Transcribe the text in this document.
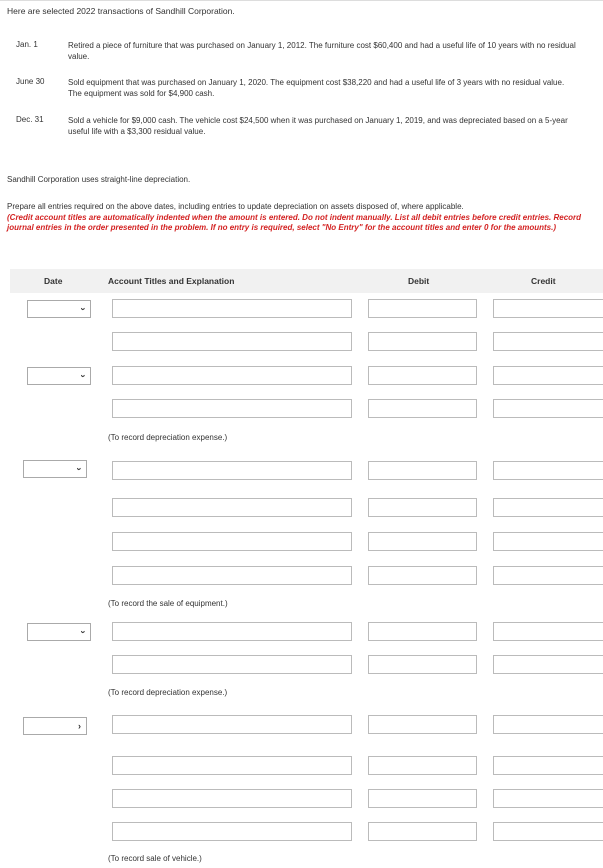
Here are selected 2022 transactions of Sandhill Corporation.
Jan. 1	Retired a piece of furniture that was purchased on January 1, 2012. The furniture cost $60,400 and had a useful life of 10 years with no residual value.
June 30	Sold equipment that was purchased on January 1, 2020. The equipment cost $38,220 and had a useful life of 3 years with no residual value. The equipment was sold for $4,900 cash.
Dec. 31	Sold a vehicle for $9,000 cash. The vehicle cost $24,500 when it was purchased on January 1, 2019, and was depreciated based on a 5-year useful life with a $3,300 residual value.
Sandhill Corporation uses straight-line depreciation.
Prepare all entries required on the above dates, including entries to update depreciation on assets disposed of, where applicable.
(Credit account titles are automatically indented when the amount is entered. Do not indent manually. List all debit entries before credit entries. Record journal entries in the order presented in the problem. If no entry is required, select "No Entry" for the account titles and enter 0 for the amounts.)
Date	Account Titles and Explanation	Debit	Credit
›
›
(To record depreciation expense.)
›
(To record the sale of equipment.)
›
(To record depreciation expense.)
›
(To record sale of vehicle.)
